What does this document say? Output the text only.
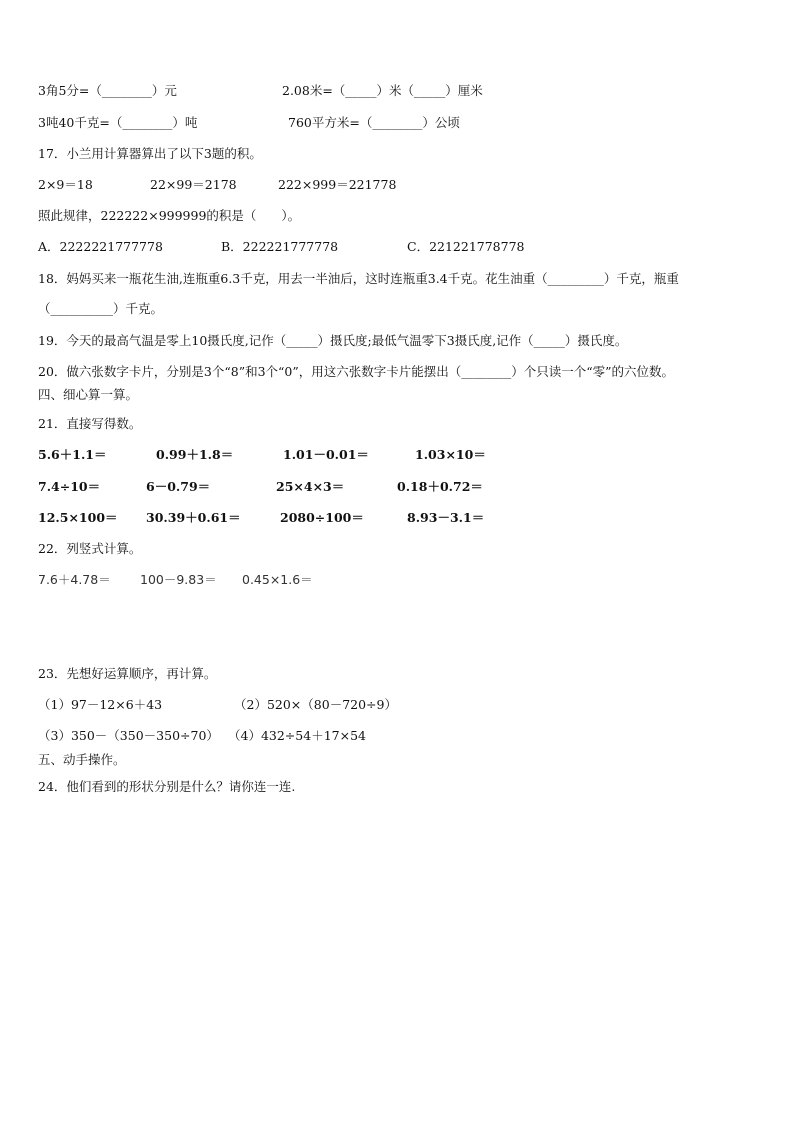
3角5分=（________）元	2.08米=（_____）米（_____）厘米
3吨40千克=（________）吨	760平方米=（________）公顷
17．小兰用计算器算出了以下3题的积。
2×9＝18	22×99＝2178	222×999＝221778
照此规律，222222×999999的积是（　　）。
A．2222221777778	B．222221777778	C．221221778778
18．妈妈买来一瓶花生油,连瓶重6.3千克，用去一半油后，这时连瓶重3.4千克。花生油重（_________）千克，瓶重
（__________）千克。
19．今天的最高气温是零上10摄氏度,记作（_____）摄氏度;最低气温零下3摄氏度,记作（_____）摄氏度。
20．做六张数字卡片，分别是3个“8”和3个“0”，用这六张数字卡片能摆出（________）个只读一个“零”的六位数。
四、细心算一算。
21．直接写得数。
5.6＋1.1＝	0.99＋1.8＝	1.01－0.01＝	1.03×10＝
7.4÷10＝	6－0.79＝	25×4×3＝	0.18＋0.72＝
12.5×100＝ 30.39＋0.61＝	2080÷100＝	8.93－3.1＝
22．列竖式计算。
7.6＋4.78＝ 100－9.83＝ 0.45×1.6＝
23．先想好运算顺序，再计算。
（1）97－12×6＋43	（2）520×（80－720÷9）
（3）350－（350－350÷70） （4）432÷54＋17×54
五、动手操作。
24．他们看到的形状分别是什么？请你连一连.
